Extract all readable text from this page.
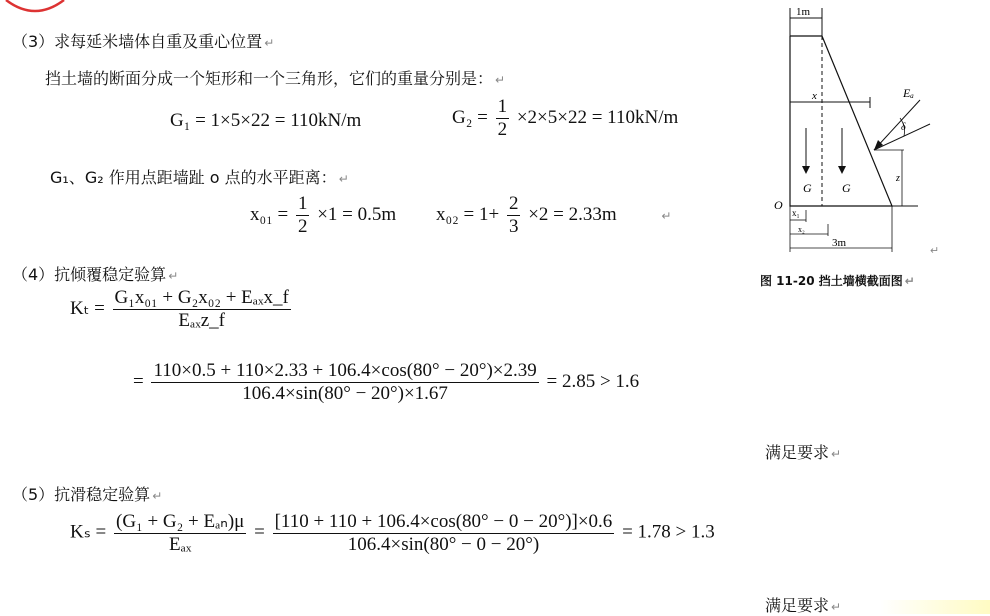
（3）求每延米墙体自重及重心位置 ↵
挡土墙的断面分成一个矩形和一个三角形，它们的重量分别是： ↵
G₁ = 1×5×22 = 110kN/m	$G_2 = \frac{1}{2} \times 2\times 5\times 22 = 110kN/m$
G₁、G₂ 作用点距墙趾 o 点的水平距离： ↵
$x_{01} = \frac{1}{2} \times 1 = 0.5m$ $x_{02} = 1+ \frac{2}{3} \times 2 = 2.33m$	↵
（4）抗倾覆稳定验算 ↵
$K_t = \frac{\text{G₁x₀₁ + G₂x₀₂ + Eₐₓx\_f}}{\text{Eₐₓz\_f}}$
= $\frac{110\times 0.5 + 110\times 2.33 + 106.4\times\cos(80^\circ - 20^\circ)\times 2.39}{106.4\times\sin(80^\circ - 20^\circ)\times 1.67} = 2.85 > 1.6$
满足要求 ↵
（5）抗滑稳定验算 ↵
$K_s = \frac{\text{(G₁ + G₂ + Eₐₙ)μ}}{\text{Eₐₓ}} = \frac{[110 + 110 + 106.4\times\cos(80^\circ - 0 - 20^\circ)]\times 0.6}{106.4\times\sin(80^\circ - 0 - 20^\circ)} = 1.78 > 1.3$
满足要求 ↵
1m
x	Eₐ
δ
z
G	G
O
x₁
x₂
3m
↵
图 11-20 挡土墙横截面图 ↵
